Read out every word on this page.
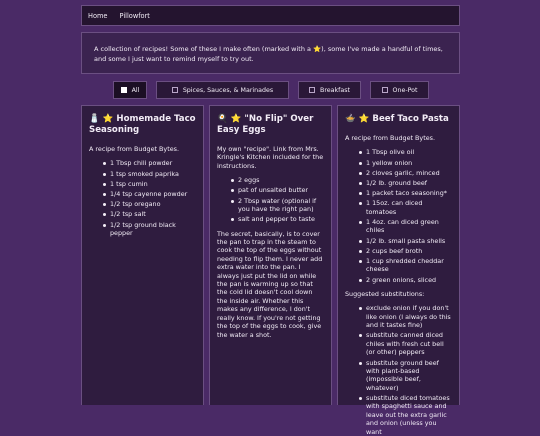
Home Pillowfort
A collection of recipes! Some of these I make often (marked with a ⭐), some I've made a handful of times, and some I just want to remind myself to try out.
All	Spices, Sauces, & Marinades	Breakfast	One-Pot
🧂 ⭐ Homemade Taco Seasoning

A recipe from Budget Bytes.

1 Tbsp chili powder
1 tsp smoked paprika
1 tsp cumin
1/4 tsp cayenne powder
1/2 tsp oregano
1/2 tsp salt
1/2 tsp ground black pepper
🍳 ⭐ "No Flip" Over Easy Eggs

My own "recipe". Link from Mrs. Kringle's Kitchen included for the instructions.

2 eggs
pat of unsalted butter
2 Tbsp water (optional if you have the right pan)
salt and pepper to taste

The secret, basically, is to cover the pan to trap in the steam to cook the top of the eggs without needing to flip them. I never add extra water into the pan. I always just put the lid on while the pan is warming up so that the cold lid doesn't cool down the inside air. Whether this makes any difference, I don't really know. If you're not getting the top of the eggs to cook, give the water a shot.

🍲 ⭐ Beef Taco Pasta

A recipe from Budget Bytes.

1 Tbsp olive oil
1 yellow onion
2 cloves garlic, minced
1/2 lb. ground beef
1 packet taco seasoning*
1 15oz. can diced tomatoes
1 4oz. can diced green chiles
1/2 lb. small pasta shells
2 cups beef broth
1 cup shredded cheddar cheese
2 green onions, sliced

Suggested substitutions:

exclude onion if you don't like onion (I always do this and it tastes fine)
substitute canned diced chiles with fresh cut bell (or other) peppers
substitute ground beef with plant-based (impossible beef, whatever)
substitute diced tomatoes with spaghetti sauce and leave out the extra garlic and onion (unless you want
